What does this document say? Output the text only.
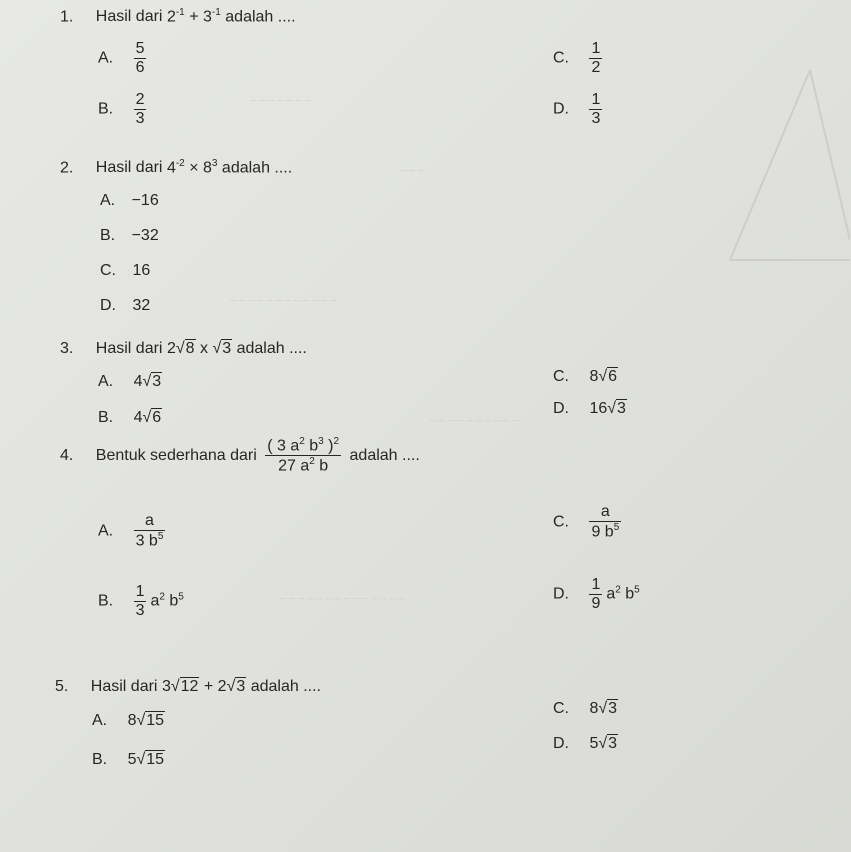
¯ ¯ ¯ ¯ ¯ ¯ ¯
¯ ¯ ¯
¯ ¯ ¯ ¯ ¯ ¯ ¯ ¯ ¯ ¯ ¯ ¯
¯ ¯ ¯ ¯ ¯ ¯ ¯ ¯ ¯ ¯
¯ ¯ ¯ ¯ ¯ ¯ ¯ ¯ ¯ ¯ ¯ ¯ ¯ ¯
1. Hasil dari $2^{-1} + 3^{-1}$ adalah ....
A. $\frac{5}{6}$
B. $\frac{2}{3}$
C. $\frac{1}{2}$
D. $\frac{1}{3}$
2. Hasil dari $4^{-2} \times 8^3$ adalah ....
A. −16
B. −32
C. 16
D. 32
3. Hasil dari 2√8 x √3 adalah ....
A. 4√3
B. 4√6
C. 8√6
D. 16√3
4. Bentuk sederhana dari $\frac{( 3 a^2 b^3 )^2}{27 a^2 b}$ adalah ....
A. $\frac{a}{3 b^5}$
B. $\frac{1}{3} a^2$ $b^5$
C. $\frac{a}{9 b^5}$
D. $\frac{1}{9} a^2$ $b^5$
5. Hasil dari 3√12 + 2√3 adalah ....
A. 8√15
B. 5√15
C. 8√3
D. 5√3
